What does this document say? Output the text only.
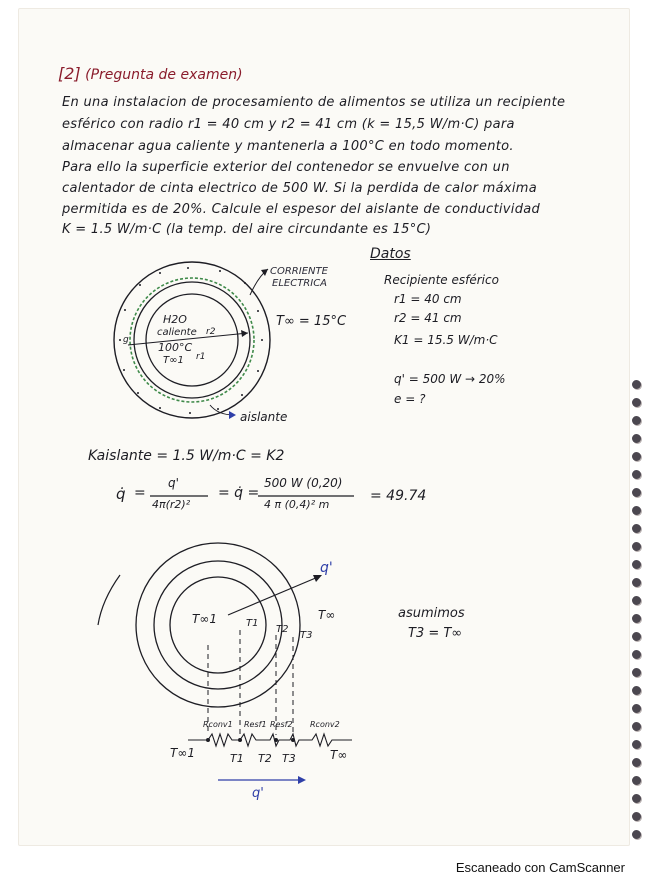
[2] (Pregunta de examen)
En una instalacion de procesamiento de alimentos se utiliza un recipiente
esférico con radio r1 = 40 cm y r2 = 41 cm (k = 15,5 W/m·C) para
almacenar agua caliente y mantenerla a 100°C en todo momento.
Para ello la superficie exterior del contenedor se envuelve con un
calentador de cinta electrico de 500 W. Si la perdida de calor máxima
permitida es de 20%. Calcule el espesor del aislante de conductividad
K = 1.5 W/m·C (la temp. del aire circundante es 15°C)
CORRIENTE
ELECTRICA
H2O
caliente
100°C
T∞1 r1
r2
g
T∞ = 15°C
aislante
Datos
Recipiente esférico
r1 = 40 cm
r2 = 41 cm
K1 = 15.5 W/m·C
q' = 500 W → 20%
e = ?
Kaislante = 1.5 W/m·C = K2
q̇ =
q'
4π(r2)²
= q̇ =
500 W (0,20)
4 π (0,4)² m
= 49.74
q'
T∞1	T1
T2
T3
T∞	asumimos
T3 = T∞
Rconv1 Resf1 Resf2 Rconv2
T∞1	T1 T2 T3	T∞
q'
Escaneado con CamScanner
